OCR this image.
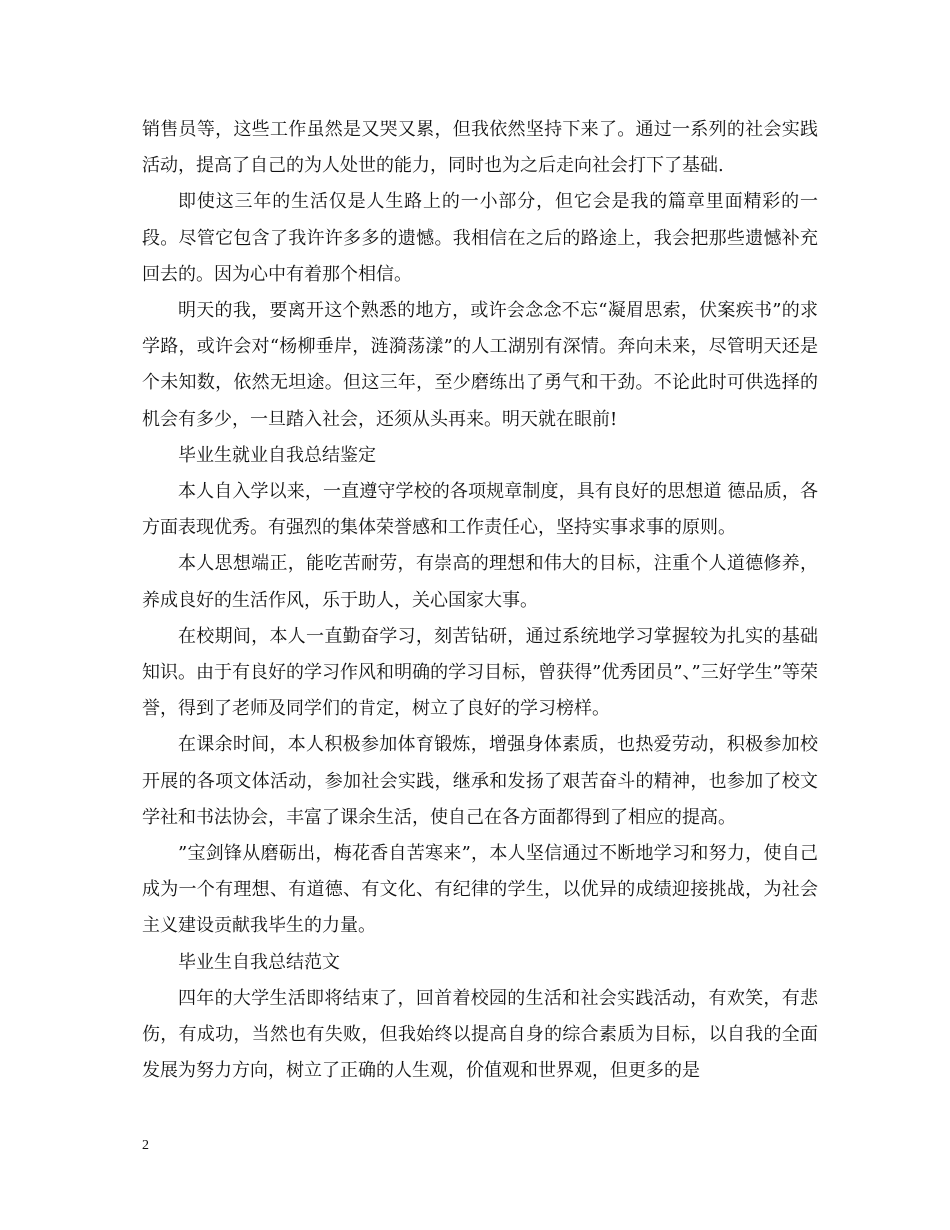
销售员等，这些工作虽然是又哭又累，但我依然坚持下来了。通过一系列的社会实践活动，提高了自己的为人处世的能力，同时也为之后走向社会打下了基础.

即使这三年的生活仅是人生路上的一小部分，但它会是我的篇章里面精彩的一段。尽管它包含了我许许多多的遗憾。我相信在之后的路途上，我会把那些遗憾补充回去的。因为心中有着那个相信。

明天的我，要离开这个熟悉的地方，或许会念念不忘“凝眉思索，伏案疾书”的求学路，或许会对“杨柳垂岸，涟漪荡漾”的人工湖别有深情。奔向未来，尽管明天还是个未知数，依然无坦途。但这三年，至少磨练出了勇气和干劲。不论此时可供选择的机会有多少，一旦踏入社会，还须从头再来。明天就在眼前!

毕业生就业自我总结鉴定

本人自入学以来，一直遵守学校的各项规章制度，具有良好的思想道 德品质，各方面表现优秀。有强烈的集体荣誉感和工作责任心，坚持实事求事的原则。

本人思想端正，能吃苦耐劳，有崇高的理想和伟大的目标，注重个人道德修养，养成良好的生活作风，乐于助人，关心国家大事。

在校期间，本人一直勤奋学习，刻苦钻研，通过系统地学习掌握较为扎实的基础知识。由于有良好的学习作风和明确的学习目标，曾获得”优秀团员”、”三好学生”等荣誉，得到了老师及同学们的肯定，树立了良好的学习榜样。

在课余时间，本人积极参加体育锻炼，增强身体素质，也热爱劳动，积极参加校开展的各项文体活动，参加社会实践，继承和发扬了艰苦奋斗的精神，也参加了校文学社和书法协会，丰富了课余生活，使自己在各方面都得到了相应的提高。

”宝剑锋从磨砺出，梅花香自苦寒来”，本人坚信通过不断地学习和努力，使自己成为一个有理想、有道德、有文化、有纪律的学生，以优异的成绩迎接挑战，为社会主义建设贡献我毕生的力量。

毕业生自我总结范文

四年的大学生活即将结束了，回首着校园的生活和社会实践活动，有欢笑，有悲伤，有成功，当然也有失败，但我始终以提高自身的综合素质为目标，以自我的全面发展为努力方向，树立了正确的人生观，价值观和世界观，但更多的是

2
